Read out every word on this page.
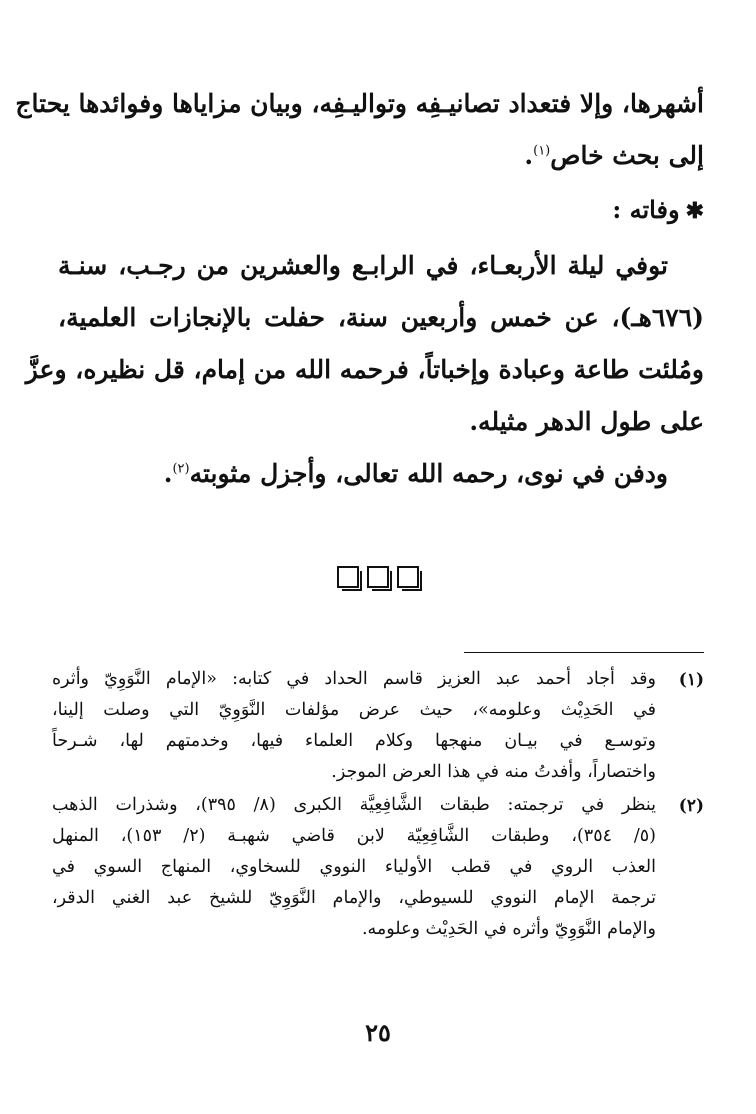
أشهرها، وإلا فتعداد تصانيـفِه وتواليـفِه، وبيان مزاياها وفوائدها يحتاج
إلى بحث خاص$^{(١)}$.
✱وفاته :
توفي ليلة الأربعـاء، في الرابـع والعشرين من رجـب، سنـة
(٦٧٦هـ)، عن خمس وأربعين سنة، حفلت بالإنجازات العلمية،
ومُلئت طاعة وعبادة وإخباتاً، فرحمه الله من إمام، قل نظيره، وعزَّ
على طول الدهر مثيله.
ودفن في نوى، رحمه الله تعالى، وأجزل مثوبته$^{(٢)}$.

(١)
وقد أجاد أحمد عبد العزيز قاسم الحداد في كتابه: «الإمام النَّوَوِيّ وأثره
في الحَدِيْث وعلومه»، حيث عرض مؤلفات النَّوَوِيّ التي وصلت إلينا،
وتوسـع في بيـان منهجها وكلام العلماء فيها، وخدمتهم لها، شـرحاً
واختصاراً، وأفدتُ منه في هذا العرض الموجز.
(٢)
ينظر في ترجمته: طبقات الشَّافِعِيَّة الكبرى (٨/ ٣٩٥)، وشذرات الذهب
(٥/ ٣٥٤)، وطبقات الشَّافِعِيّة لابن قاضي شهبـة (٢/ ١٥٣)، المنهل
العذب الروي في قطب الأولياء النووي للسخاوي، المنهاج السوي في
ترجمة الإمام النووي للسيوطي، والإمام النَّوَوِيّ للشيخ عبد الغني الدقر،
والإمام النَّوَوِيّ وأثره في الحَدِيْث وعلومه.
٢٥
